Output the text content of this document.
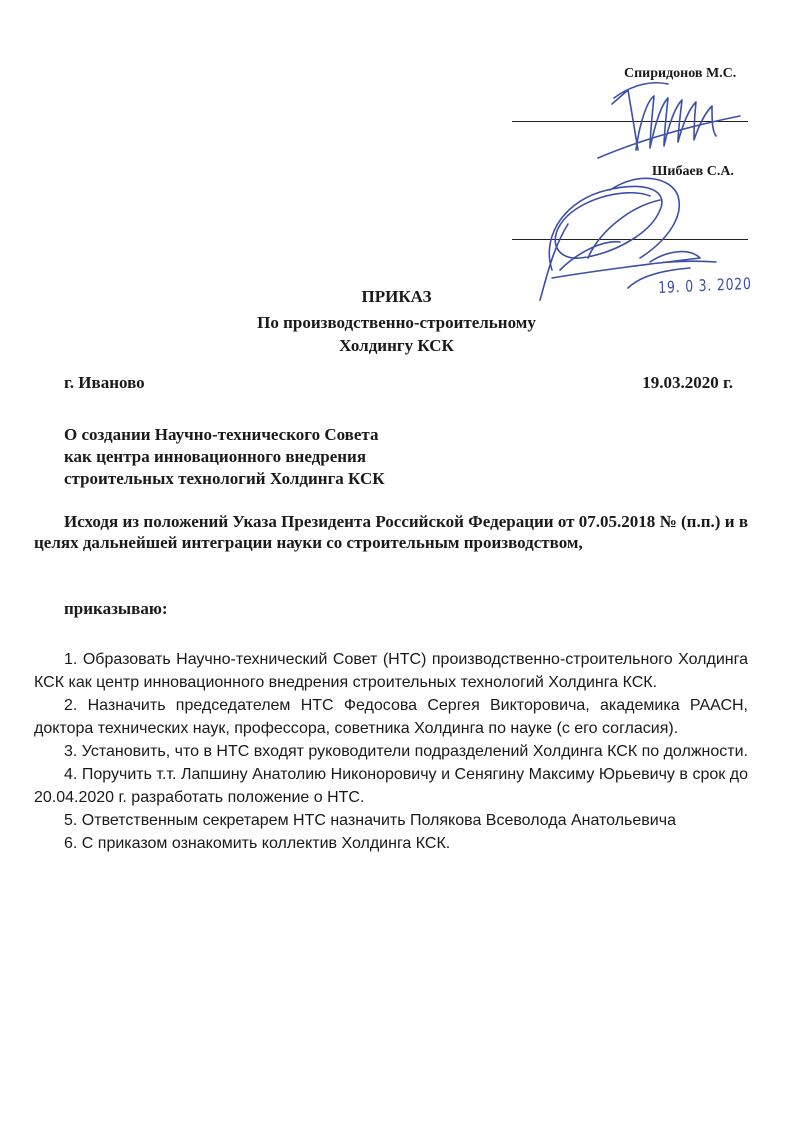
Спиридонов М.С.
Шибаев С.А.
19. 0 3. 2020
ПРИКАЗ
По производственно-строительному
Холдингу КСК
г. Иваново	19.03.2020 г.
О создании Научно-технического Совета
как центра инновационного внедрения
строительных технологий Холдинга КСК

Исходя из положений Указа Президента Российской Федерации от 07.05.2018 № (п.п.) и в целях дальнейшей интеграции науки со строительным производством,

приказываю:

1. Образовать Научно-технический Совет (НТС) производственно-строительного Холдинга КСК как центр инновационного внедрения строительных технологий Холдинга КСК.

2. Назначить председателем НТС Федосова Сергея Викторовича, академика РААСН, доктора технических наук, профессора, советника Холдинга по науке (с его согласия).

3. Установить, что в НТС входят руководители подразделений Холдинга КСК по должности.

4. Поручить т.т. Лапшину Анатолию Никоноровичу и Сенягину Максиму Юрьевичу в срок до 20.04.2020 г. разработать положение о НТС.

5. Ответственным секретарем НТС назначить Полякова Всеволода Анатольевича

6. С приказом ознакомить коллектив Холдинга КСК.
